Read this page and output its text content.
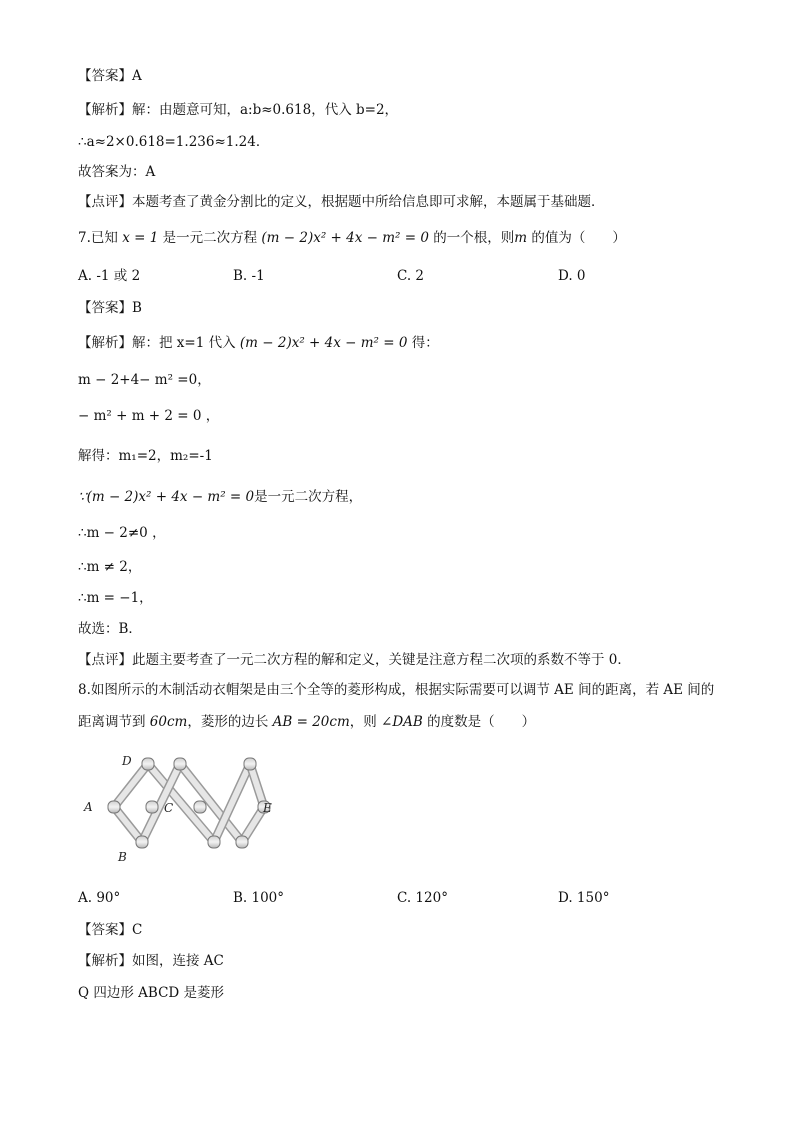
【答案】A
【解析】解：由题意可知，a:b≈0.618，代入 b=2，
∴a≈2×0.618=1.236≈1.24．
故答案为：A
【点评】本题考查了黄金分割比的定义，根据题中所给信息即可求解，本题属于基础题．
7.已知 x = 1 是一元二次方程 (m − 2)x² + 4x − m² = 0 的一个根，则m 的值为（　　）
A. -1 或 2	B. -1	C. 2	D. 0
【答案】B
【解析】解：把 x=1 代入 (m − 2)x² + 4x − m² = 0 得：
m − 2+4− m² =0，
− m² + m + 2 = 0 ，
解得：m₁=2，m₂=-1
∵(m − 2)x² + 4x − m² = 0是一元二次方程，
∴m − 2≠0 ，
∴m ≠ 2，
∴m = −1，
故选：B．
【点评】此题主要考查了一元二次方程的解和定义，关键是注意方程二次项的系数不等于 0．
8.如图所示的木制活动衣帽架是由三个全等的菱形构成，根据实际需要可以调节 AE 间的距离，若 AE 间的
距离调节到 60cm，菱形的边长 AB = 20cm，则 ∠DAB 的度数是（　　）
A
D
C	E
B
A. 90°	B. 100°	C. 120°	D. 150°
【答案】C
【解析】如图，连接 AC
Q 四边形 ABCD 是菱形
